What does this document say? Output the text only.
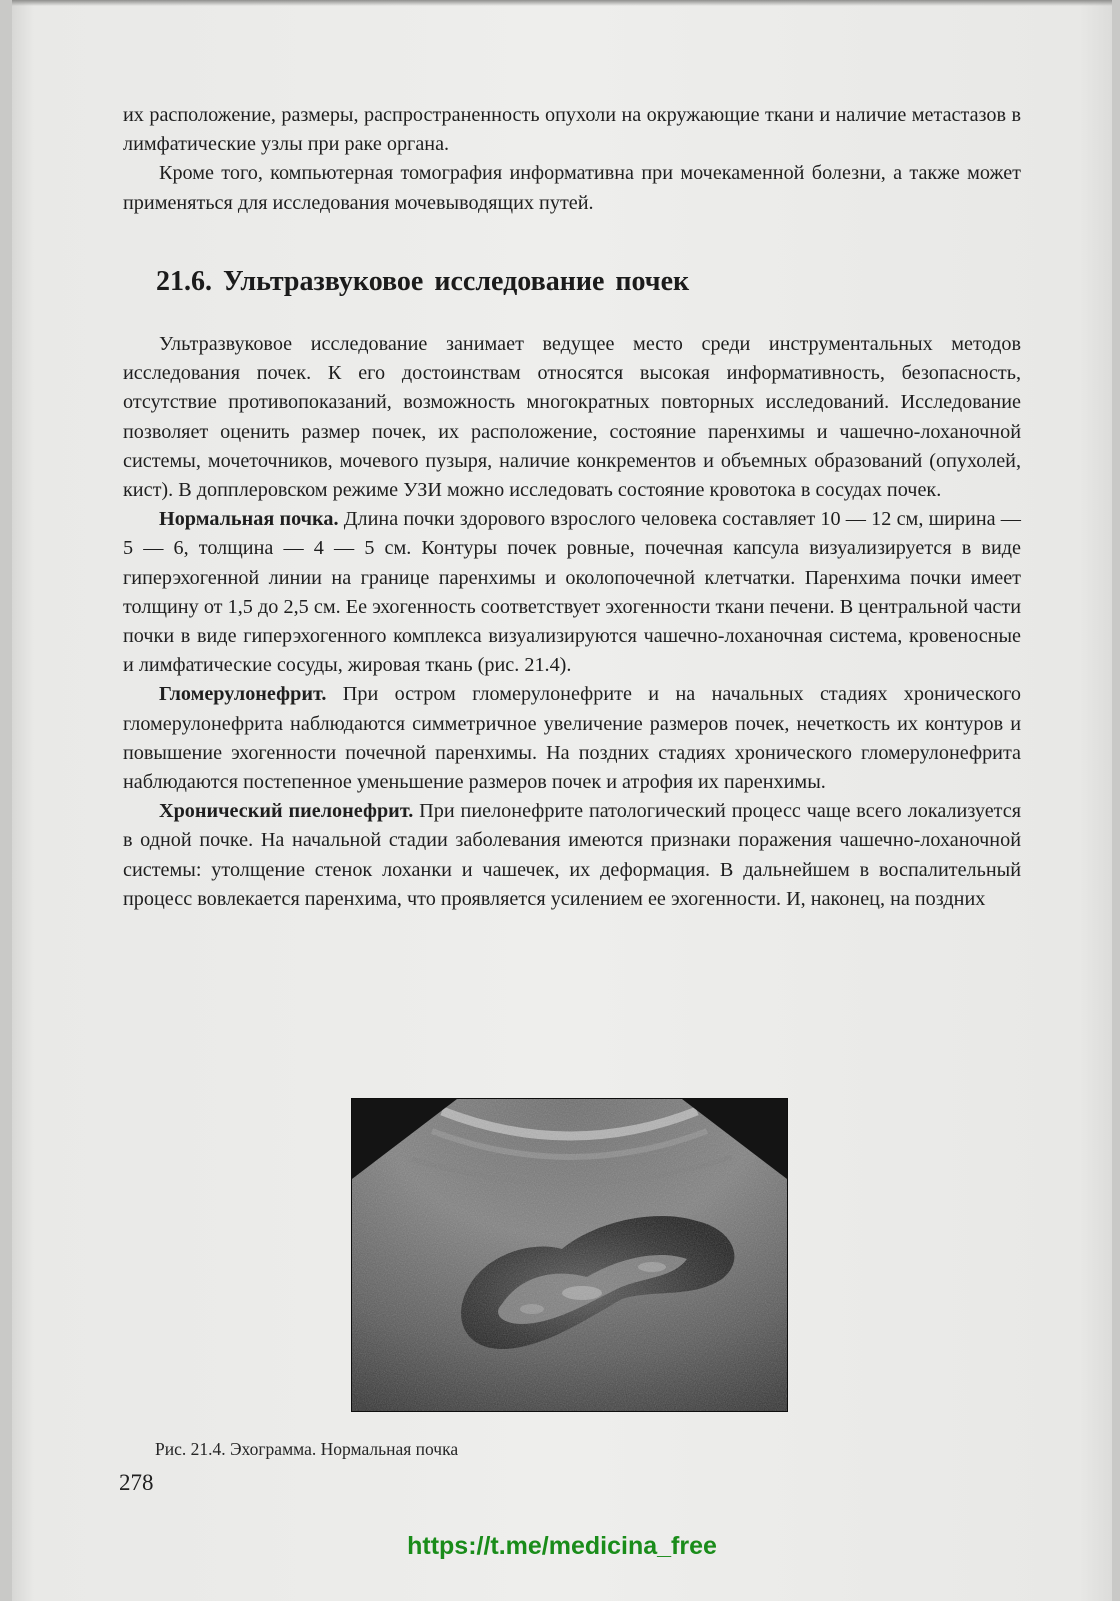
их расположение, размеры, распространенность опухоли на окружающие ткани и наличие метастазов в лимфатические узлы при раке органа.

Кроме того, компьютерная томография информативна при мочекаменной болезни, а также может применяться для исследования мочевыводящих путей.

21.6. Ультразвуковое исследование почек

Ультразвуковое исследование занимает ведущее место среди инструментальных методов исследования почек. К его достоинствам относятся высокая информативность, безопасность, отсутствие противопоказаний, возможность многократных повторных исследований. Исследование позволяет оценить размер почек, их расположение, состояние паренхимы и чашечно-лоханочной системы, мочеточников, мочевого пузыря, наличие конкрементов и объемных образований (опухолей, кист). В допплеровском режиме УЗИ можно исследовать состояние кровотока в сосудах почек.

Нормальная почка. Длина почки здорового взрослого человека составляет 10 — 12 см, ширина — 5 — 6, толщина — 4 — 5 см. Контуры почек ровные, почечная капсула визуализируется в виде гиперэхогенной линии на границе паренхимы и околопочечной клетчатки. Паренхима почки имеет толщину от 1,5 до 2,5 см. Ее эхогенность соответствует эхогенности ткани печени. В центральной части почки в виде гиперэхогенного комплекса визуализируются чашечно-лоханочная система, кровеносные и лимфатические сосуды, жировая ткань (рис. 21.4).

Гломерулонефрит. При остром гломерулонефрите и на начальных стадиях хронического гломерулонефрита наблюдаются симметричное увеличение размеров почек, нечеткость их контуров и повышение эхогенности почечной паренхимы. На поздних стадиях хронического гломерулонефрита наблюдаются постепенное уменьшение размеров почек и атрофия их паренхимы.

Хронический пиелонефрит. При пиелонефрите патологический процесс чаще всего локализуется в одной почке. На начальной стадии заболевания имеются признаки поражения чашечно-лоханочной системы: утолщение стенок лоханки и чашечек, их деформация. В дальнейшем в воспалительный процесс вовлекается паренхима, что проявляется усилением ее эхогенности. И, наконец, на поздних

Рис. 21.4. Эхограмма. Нормальная почка
278
https://t.me/medicina_free
